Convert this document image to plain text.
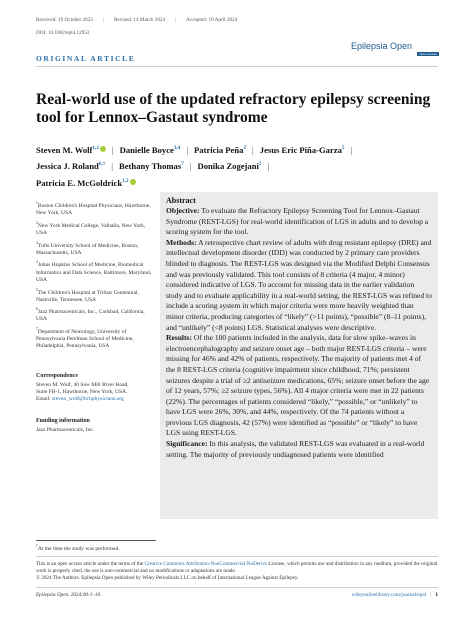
Received: 19 October 2023 | Revised: 14 March 2024 | Accepted: 10 April 2024
DOI: 10.1002/epi4.12952
Epilepsia Open
Open Access
ORIGINAL ARTICLE
Real-world use of the updated refractory epilepsy screening tool for Lennox–Gastaut syndrome
Steven M. Wolf$^{1,2}$ | Danielle Boyce$^{3,4}$ | Patricia Peña$^2$ | Jesus Eric Piña-Garza$^5$ |
Jessica J. Roland$^{6,\dagger}$ | Bethany Thomas$^7$ | Donika Zogejani$^2$ |
Patricia E. McGoldrick$^{1,2}$

$^1$Boston Children's Hospital Physicians, Hawthorne, New York, USA

$^2$New York Medical College, Valhalla, New York, USA

$^3$Tufts University School of Medicine, Boston, Massachusetts, USA

$^4$Johns Hopkins School of Medicine, Biomedical Informatics and Data Science, Baltimore, Maryland, USA

$^5$The Children's Hospital at TriStar Centennial, Nashville, Tennessee, USA

$^6$Jazz Pharmaceuticals, Inc., Carlsbad, California, USA

$^7$Department of Neurology, University of Pennsylvania Perelman School of Medicine, Philadelphia, Pennsylvania, USA

Correspondence
Steven M. Wolf, 40 Saw Mill River Road,
Suite FB-1, Hawthorne, New York, USA.
Email: steven_wolf@bchphysicians.org
Funding information
Jazz Pharmaceuticals, Inc.
Abstract

Objective: To evaluate the Refractory Epilepsy Screening Tool for Lennox–Gastaut Syndrome (REST-LGS) for real-world identification of LGS in adults and to develop a scoring system for the tool.

Methods: A retrospective chart review of adults with drug resistant epilepsy (DRE) and intellectual development disorder (IDD) was conducted by 2 primary care providers blinded to diagnosis. The REST-LGS was designed via the Modified Delphi Consensus and was previously validated. This tool consists of 8 criteria (4 major, 4 minor) considered indicative of LGS. To account for missing data in the earlier validation study and to evaluate applicability in a real-world setting, the REST-LGS was refined to include a scoring system in which major criteria were more heavily weighted than minor criteria, producing categories of “likely” (>11 points), “possible” (8–11 points), and “unlikely” (<8 points) LGS. Statistical analyses were descriptive.

Results: Of the 100 patients included in the analysis, data for slow spike–waves in electroencephalography and seizure onset age – both major REST-LGS criteria – were missing for 46% and 42% of patients, respectively. The majority of patients met 4 of the 8 REST-LGS criteria (cognitive impairment since childhood, 71%; persistent seizures despite a trial of ≥2 antiseizure medications, 65%; seizure onset before the age of 12 years, 57%; ≥2 seizure types, 56%). All 4 major criteria were met in 22 patients (22%). The percentages of patients considered “likely,” “possible,” or “unlikely” to have LGS were 26%, 30%, and 44%, respectively. Of the 74 patients without a previous LGS diagnosis, 42 (57%) were identified as “possible” or “likely” to have LGS using REST-LGS.

Significance: In this analysis, the validated REST-LGS was evaluated in a real-world setting. The majority of previously undiagnosed patients were identified

†At the time the study was performed.
This is an open access article under the terms of the Creative Commons Attribution-NonCommercial-NoDerivs License, which permits use and distribution in any medium, provided the original work is properly cited, the use is non-commercial and no modifications or adaptations are made.
© 2024 The Authors. Epilepsia Open published by Wiley Periodicals LLC on behalf of International League Against Epilepsy.
Epilepsia Open. 2024;00:1–10.	wileyonlinelibrary.com/journal/epi4 | 1
